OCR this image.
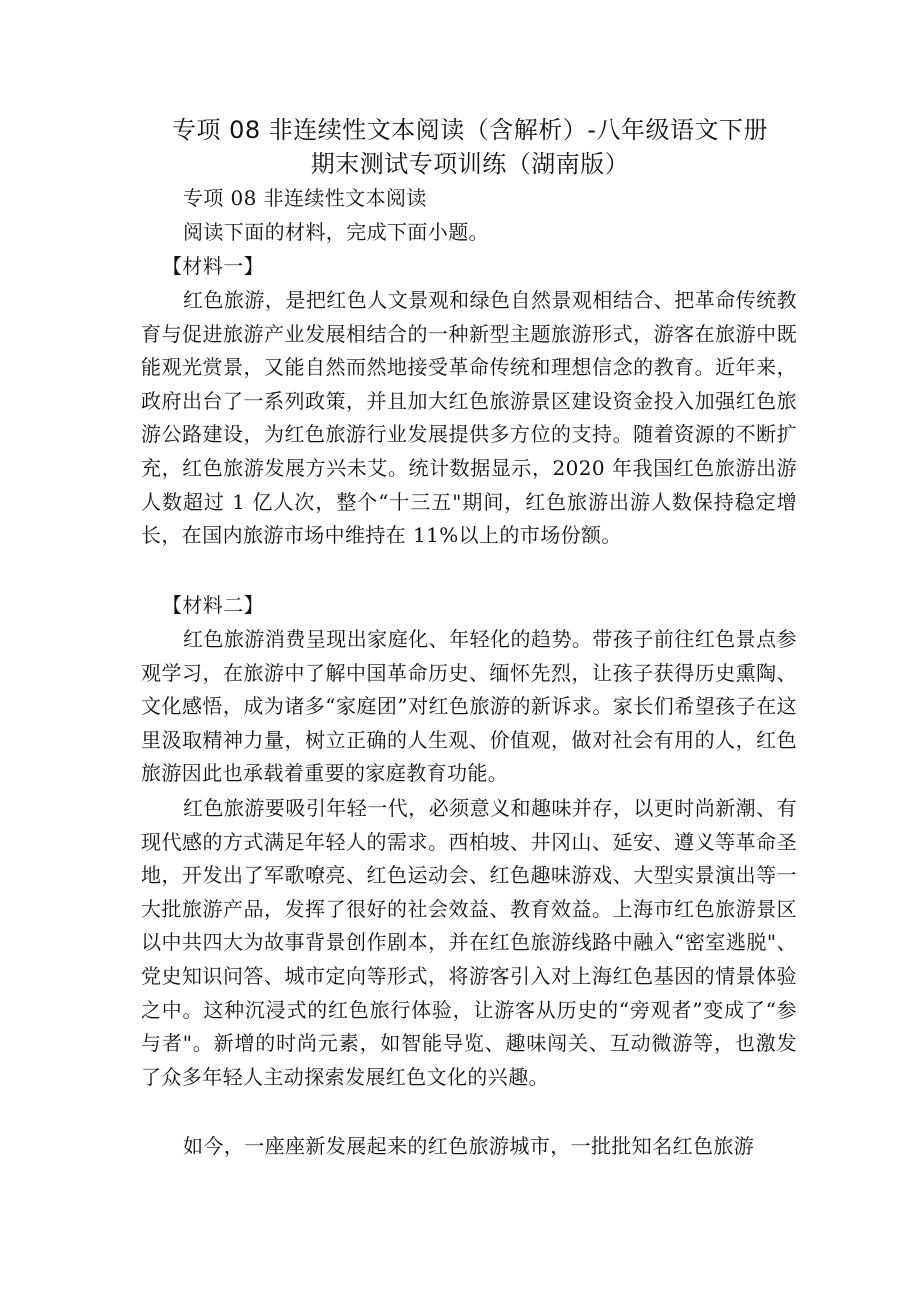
专项 08 非连续性文本阅读（含解析）-八年级语文下册
期末测试专项训练（湖南版）

专项 08 非连续性文本阅读

阅读下面的材料，完成下面小题。

【材料一】

红色旅游，是把红色人文景观和绿色自然景观相结合、把革命传统教育与促进旅游产业发展相结合的一种新型主题旅游形式，游客在旅游中既能观光赏景，又能自然而然地接受革命传统和理想信念的教育。近年来，政府出台了一系列政策，并且加大红色旅游景区建设资金投入加强红色旅游公路建设，为红色旅游行业发展提供多方位的支持。随着资源的不断扩充，红色旅游发展方兴未艾。统计数据显示，2020 年我国红色旅游出游人数超过 1 亿人次，整个“十三五"期间，红色旅游出游人数保持稳定增长，在国内旅游市场中维持在 11%以上的市场份额。

【材料二】

红色旅游消费呈现出家庭化、年轻化的趋势。带孩子前往红色景点参观学习，在旅游中了解中国革命历史、缅怀先烈，让孩子获得历史熏陶、文化感悟，成为诸多“家庭团”对红色旅游的新诉求。家长们希望孩子在这里汲取精神力量，树立正确的人生观、价值观，做对社会有用的人，红色旅游因此也承载着重要的家庭教育功能。

红色旅游要吸引年轻一代，必须意义和趣味并存，以更时尚新潮、有现代感的方式满足年轻人的需求。西柏坡、井冈山、延安、遵义等革命圣地，开发出了军歌嘹亮、红色运动会、红色趣味游戏、大型实景演出等一大批旅游产品，发挥了很好的社会效益、教育效益。上海市红色旅游景区以中共四大为故事背景创作剧本，并在红色旅游线路中融入“密室逃脱"、党史知识问答、城市定向等形式，将游客引入对上海红色基因的情景体验之中。这种沉浸式的红色旅行体验，让游客从历史的“旁观者”变成了“参与者"。新增的时尚元素，如智能导览、趣味闯关、互动微游等，也激发了众多年轻人主动探索发展红色文化的兴趣。

如今，一座座新发展起来的红色旅游城市，一批批知名红色旅游
